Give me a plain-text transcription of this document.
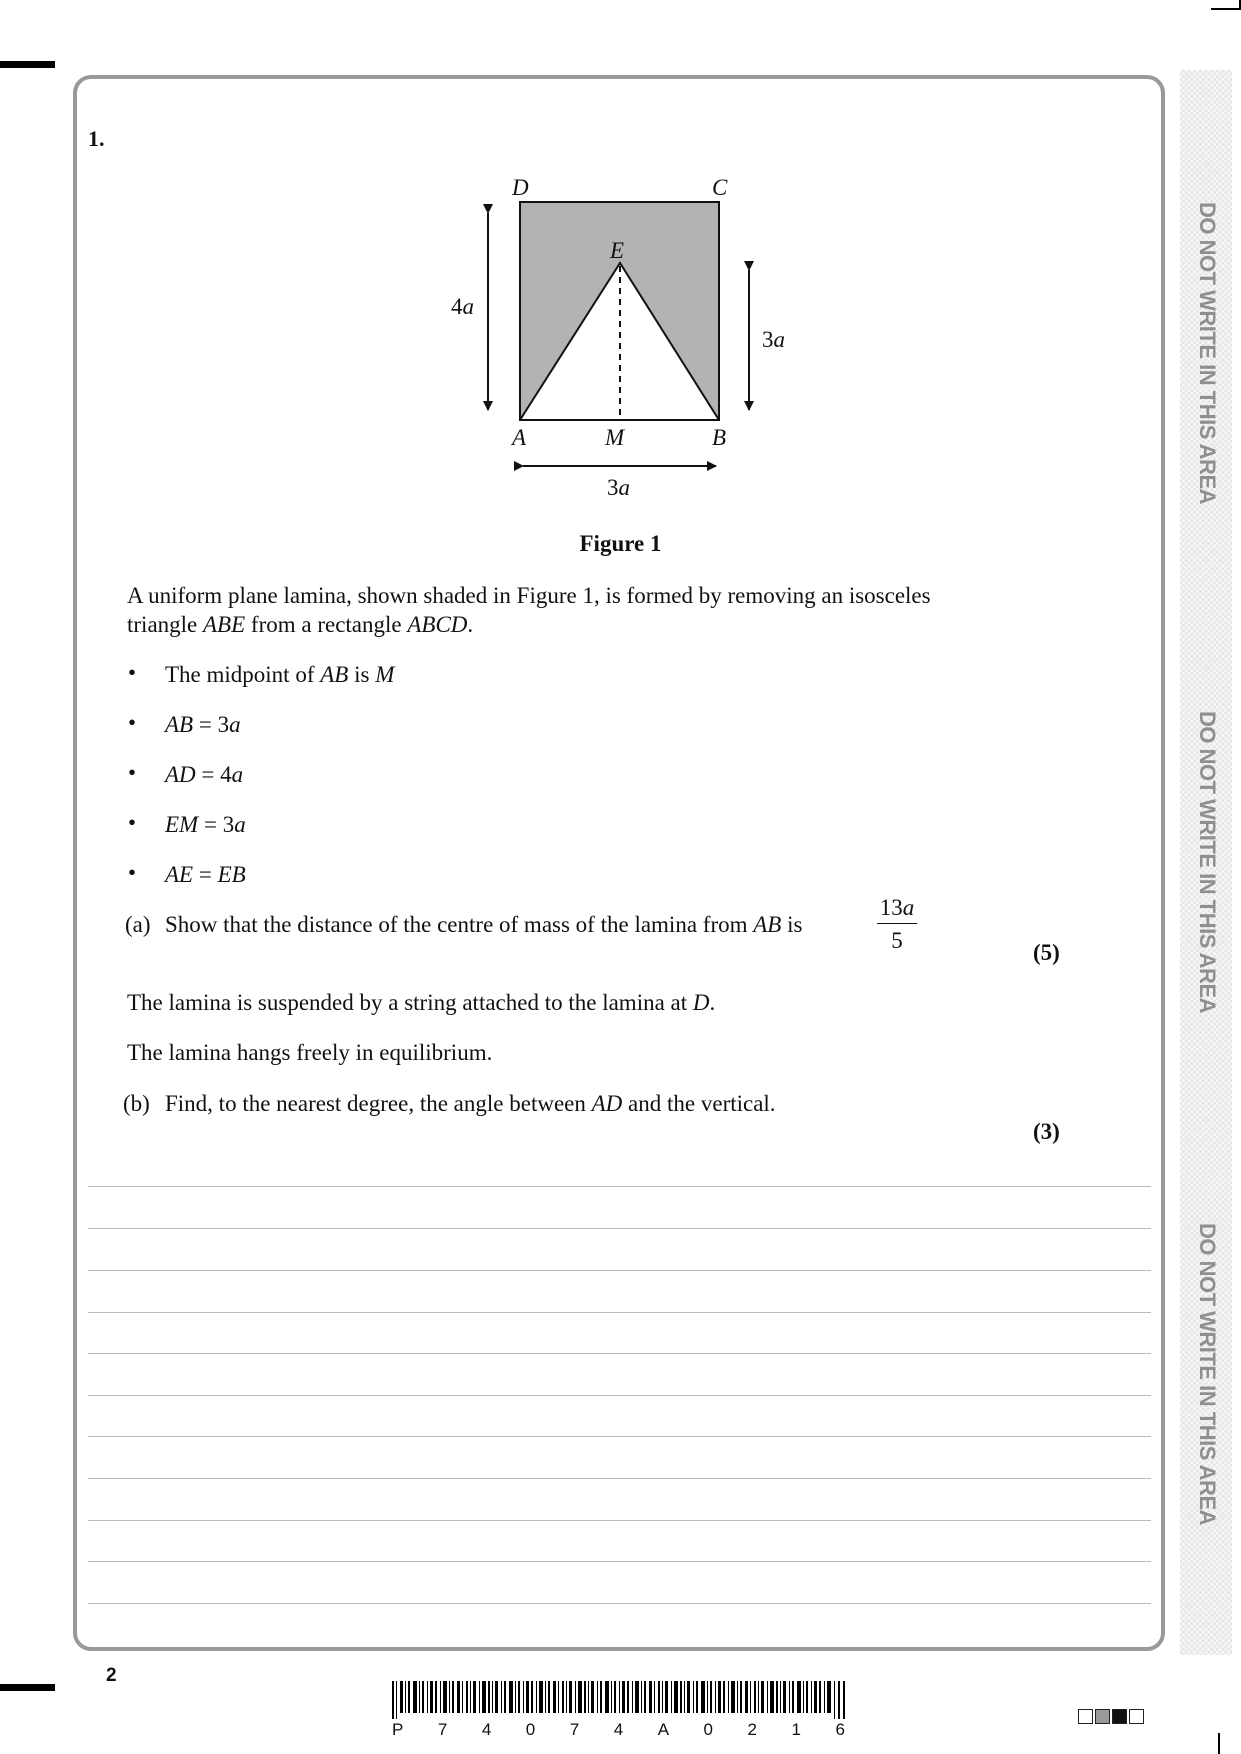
DO NOT WRITE IN THIS AREA
DO NOT WRITE IN THIS AREA
DO NOT WRITE IN THIS AREA
1.
D	C
E
A	M	B
4a
3a
3a
Figure 1
A uniform plane lamina, shown shaded in Figure 1, is formed by removing an isosceles
triangle ABE from a rectangle ABCD.
• The midpoint of AB is M
• AB = 3a
• AD = 4a
• EM = 3a
• AE = EB
(a) Show that the distance of the centre of mass of the lamina from AB is	$\frac{13a}{5}$	(5)
The lamina is suspended by a string attached to the lamina at D.
The lamina hangs freely in equilibrium.
(b) Find, to the nearest degree, the angle between AD and the vertical.
(3)
2
P 7 4 0 7 4 A 0 2 1 6
